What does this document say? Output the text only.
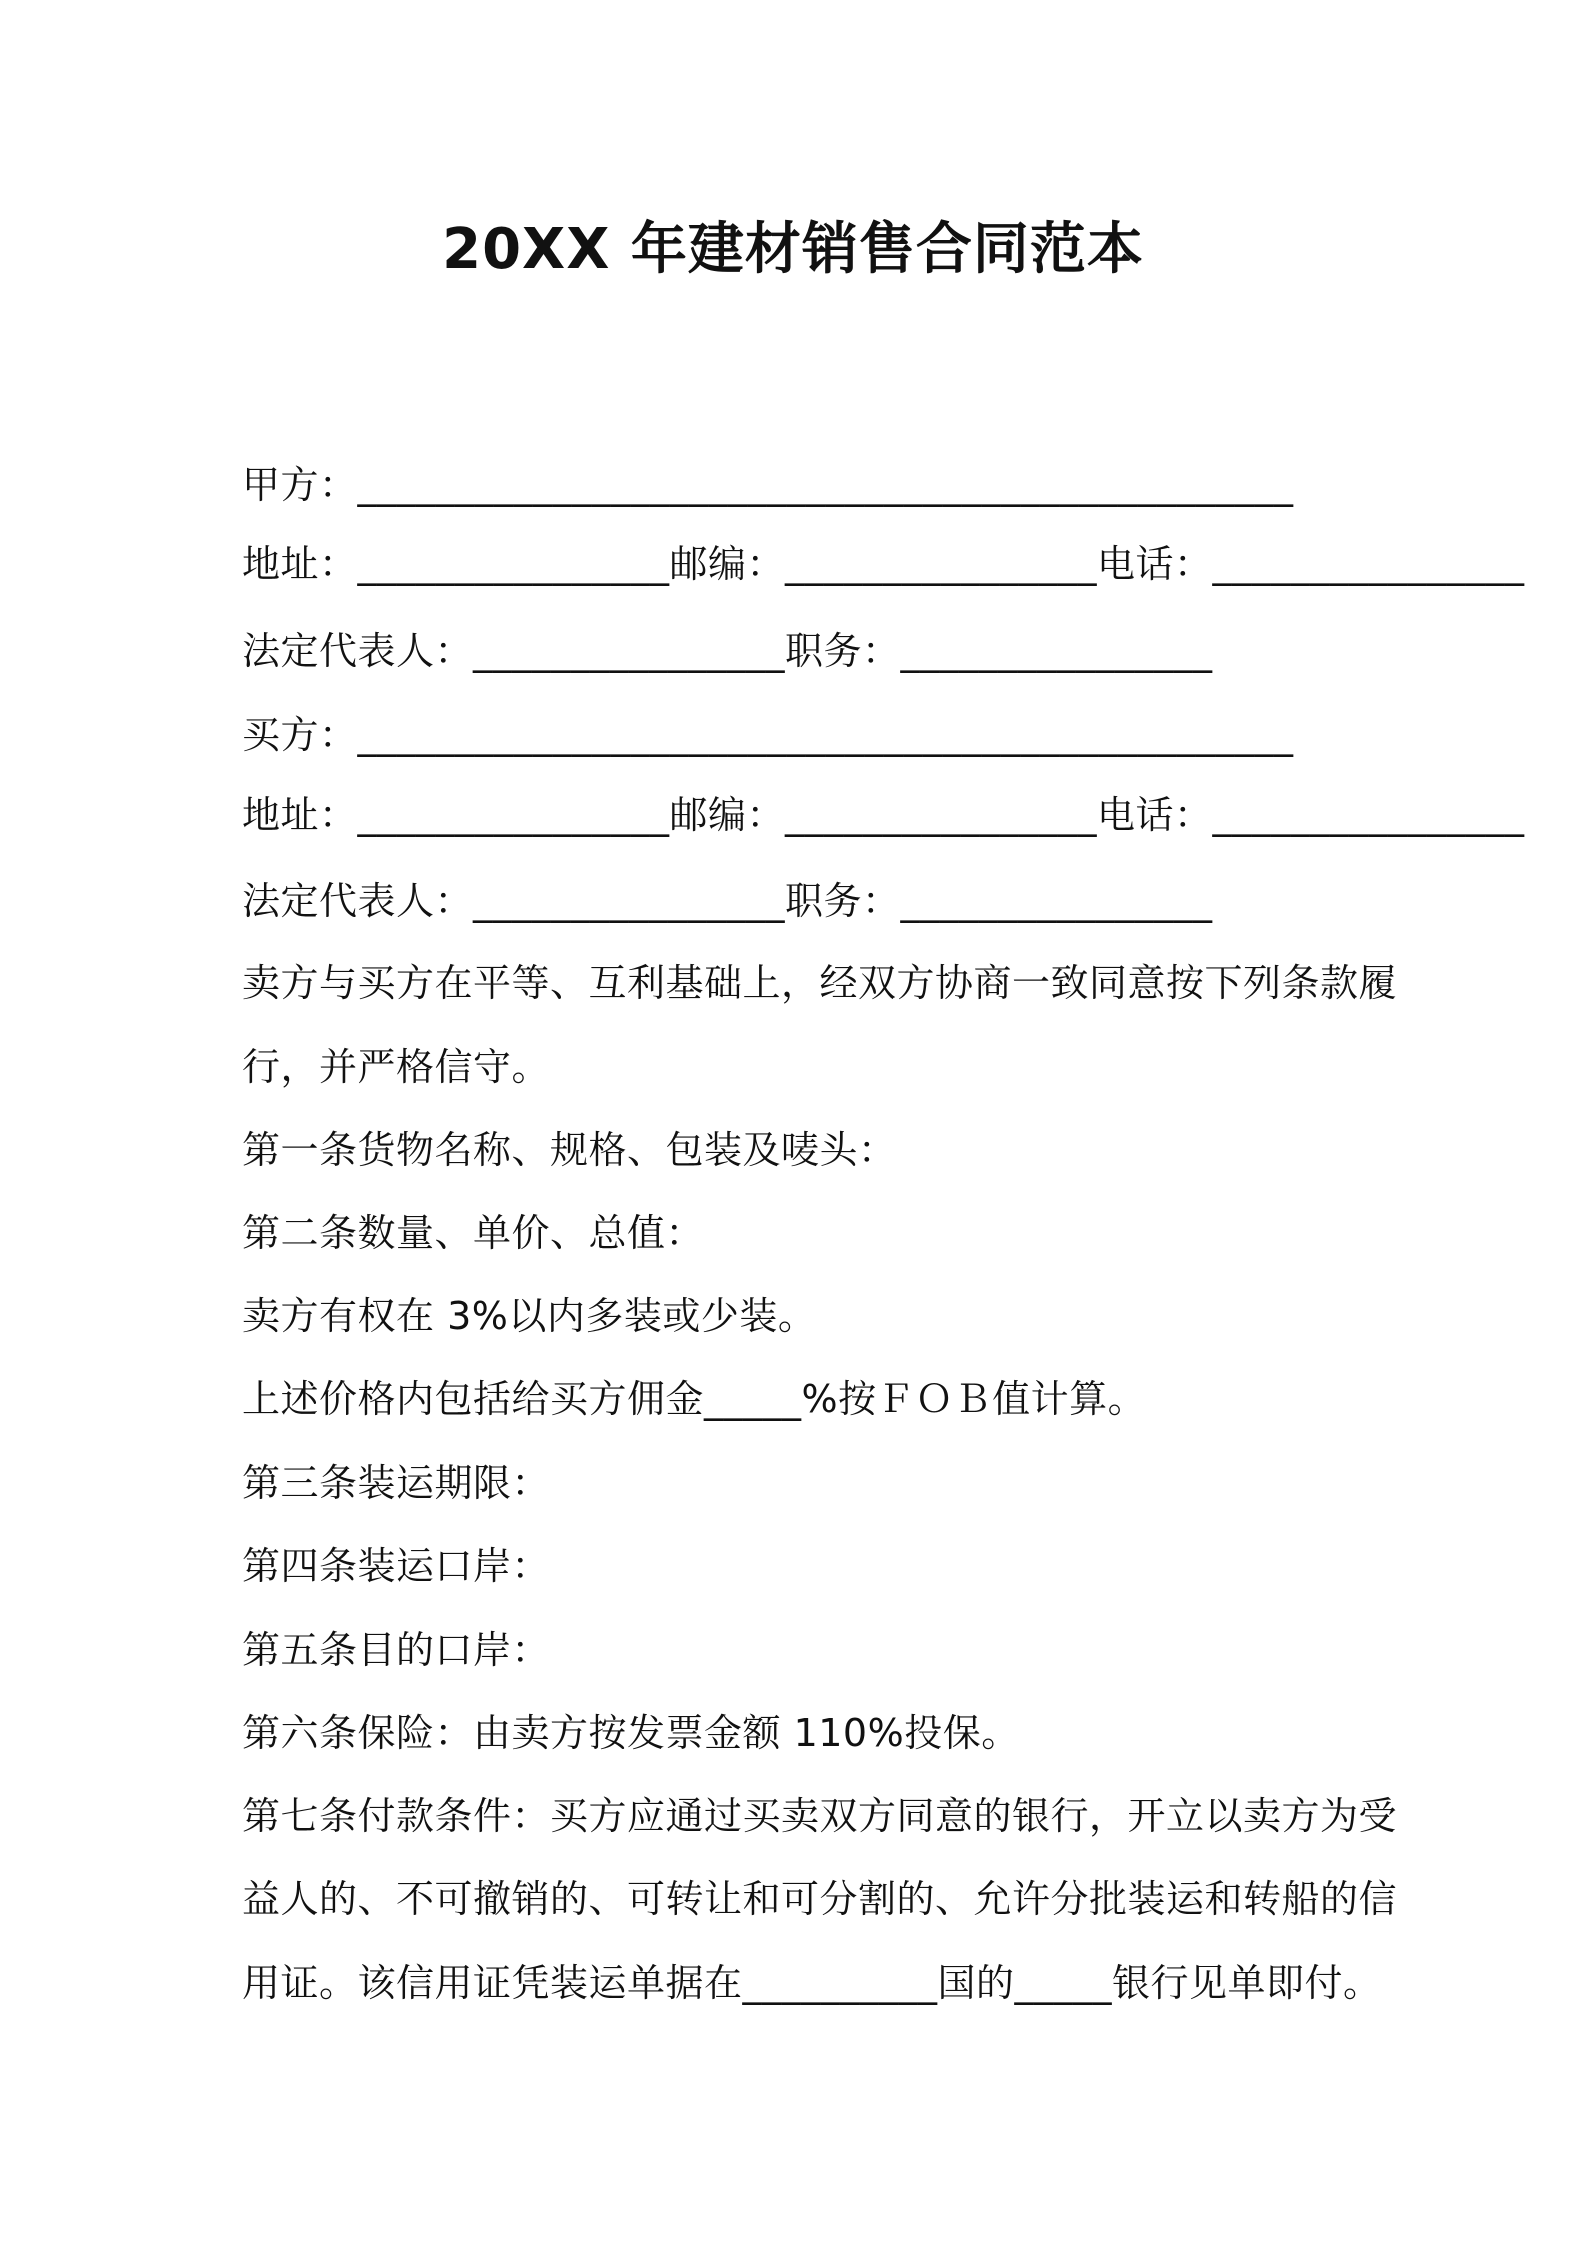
20XX 年建材销售合同范本
甲方：________________________________________________
地址：________________邮编：________________电话：________________
法定代表人：________________职务：________________
买方：________________________________________________
地址：________________邮编：________________电话：________________
法定代表人：________________职务：________________
卖方与买方在平等、互利基础上，经双方协商一致同意按下列条款履
行，并严格信守。
第一条货物名称、规格、包装及唛头：
第二条数量、单价、总值：
卖方有权在 3%以内多装或少装。
上述价格内包括给买方佣金_____%按ＦＯＢ值计算。
第三条装运期限：
第四条装运口岸：
第五条目的口岸：
第六条保险：由卖方按发票金额 110%投保。
第七条付款条件：买方应通过买卖双方同意的银行，开立以卖方为受
益人的、不可撤销的、可转让和可分割的、允许分批装运和转船的信
用证。该信用证凭装运单据在__________国的_____银行见单即付。
